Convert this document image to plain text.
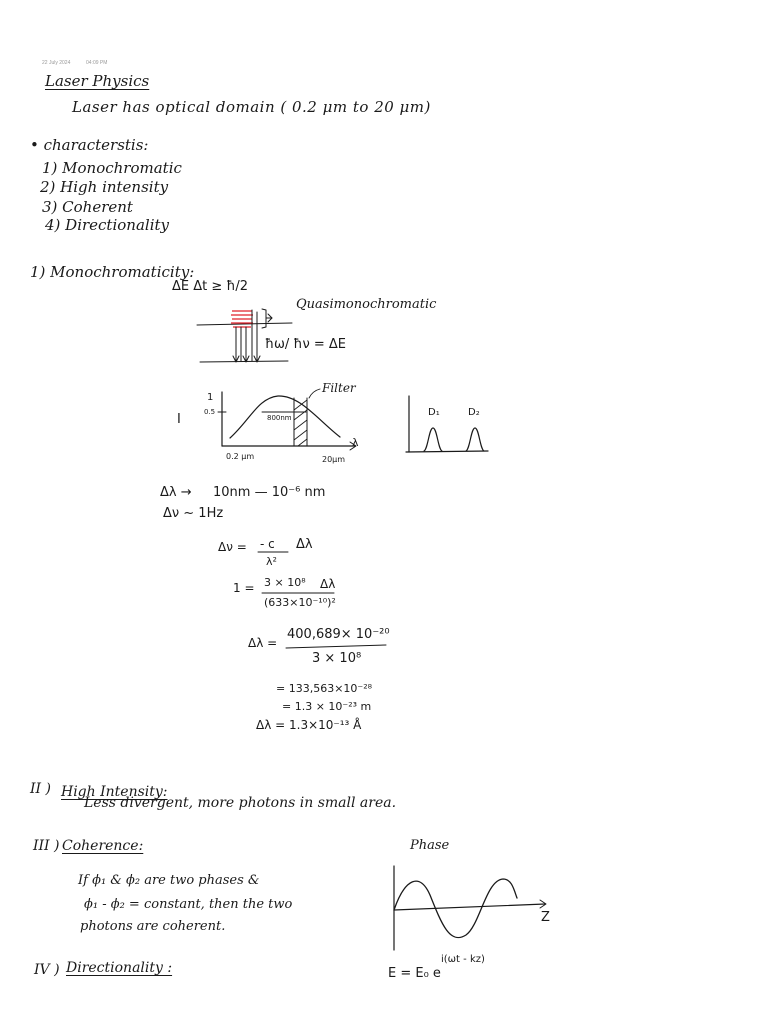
22 July 2024	04:09 PM
Laser Physics
Laser has optical domain ( 0.2 μm to 20 μm)
• characterstis:
1) Monochromatic
2) High intensity
3) Coherent
4) Directionality
1) Monochromaticity:
ΔE Δt ≥ ħ/2
Quasimonochromatic
ħω/ ħν = ΔE
I
1
0.5
Filter
800nm
0.2 μm	20μm
λ
D₁	D₂
Δλ → 10nm — 10⁻⁶ nm
Δν ~ 1Hz
Δν = - c
λ²
Δλ
1 = 3 × 10⁸
(633×10⁻¹⁰)²
Δλ
Δλ =
400,689× 10⁻²⁰
3 × 10⁸
= 133,563×10⁻²⁸
= 1.3 × 10⁻²³ m
Δλ = 1.3×10⁻¹³ Å
II ) High Intensity:
Less divergent, more photons in small area.
III ) Coherence:	Phase
If ϕ₁ & ϕ₂ are two phases &
ϕ₁ - ϕ₂ = constant, then the two
photons are coherent.
Z
E = E₀ e
i(ωt - kz)
IV ) Directionality :
